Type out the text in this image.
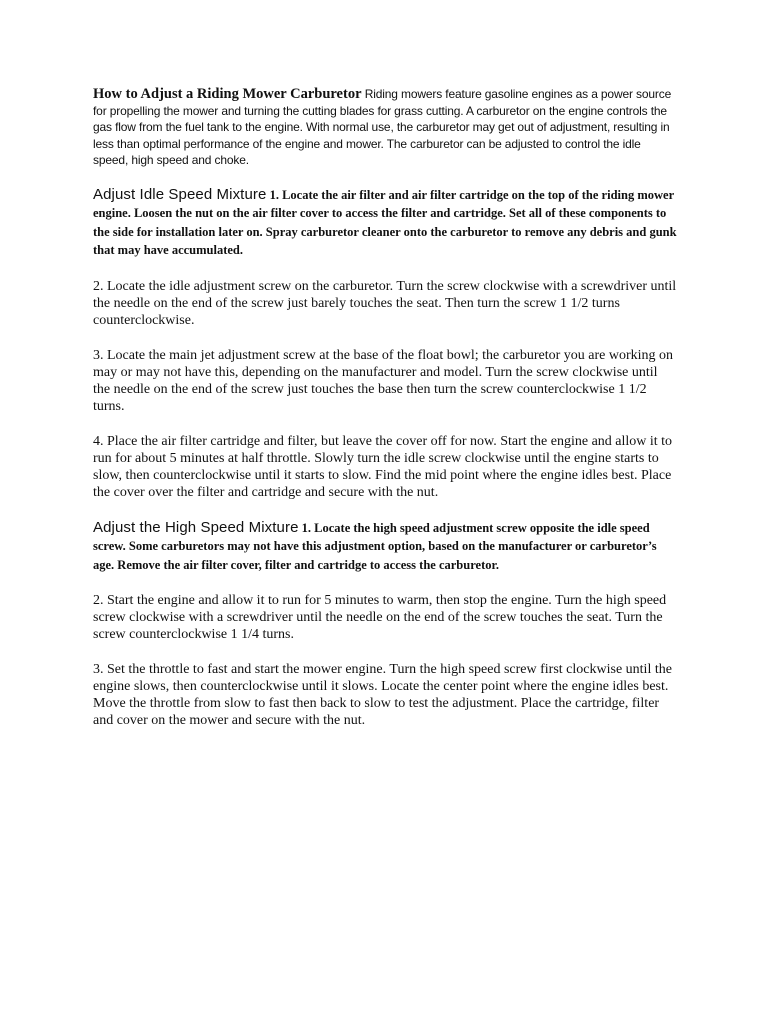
How to Adjust a Riding Mower Carburetor Riding mowers feature gasoline engines as a power source for propelling the mower and turning the cutting blades for grass cutting. A carburetor on the engine controls the gas flow from the fuel tank to the engine. With normal use, the carburetor may get out of adjustment, resulting in less than optimal performance of the engine and mower. The carburetor can be adjusted to control the idle speed, high speed and choke.

Adjust Idle Speed Mixture 1. Locate the air filter and air filter cartridge on the top of the riding mower engine. Loosen the nut on the air filter cover to access the filter and cartridge. Set all of these components to the side for installation later on. Spray carburetor cleaner onto the carburetor to remove any debris and gunk that may have accumulated.

2. Locate the idle adjustment screw on the carburetor. Turn the screw clockwise with a screwdriver until the needle on the end of the screw just barely touches the seat. Then turn the screw 1 1/2 turns counterclockwise.

3. Locate the main jet adjustment screw at the base of the float bowl; the carburetor you are working on may or may not have this, depending on the manufacturer and model. Turn the screw clockwise until the needle on the end of the screw just touches the base then turn the screw counterclockwise 1 1/2 turns.

4. Place the air filter cartridge and filter, but leave the cover off for now. Start the engine and allow it to run for about 5 minutes at half throttle. Slowly turn the idle screw clockwise until the engine starts to slow, then counterclockwise until it starts to slow. Find the mid point where the engine idles best. Place the cover over the filter and cartridge and secure with the nut.

Adjust the High Speed Mixture 1. Locate the high speed adjustment screw opposite the idle speed screw. Some carburetors may not have this adjustment option, based on the manufacturer or carburetor’s age. Remove the air filter cover, filter and cartridge to access the carburetor.

2. Start the engine and allow it to run for 5 minutes to warm, then stop the engine. Turn the high speed screw clockwise with a screwdriver until the needle on the end of the screw touches the seat. Turn the screw counterclockwise 1 1/4 turns.

3. Set the throttle to fast and start the mower engine. Turn the high speed screw first clockwise until the engine slows, then counterclockwise until it slows. Locate the center point where the engine idles best. Move the throttle from slow to fast then back to slow to test the adjustment. Place the cartridge, filter and cover on the mower and secure with the nut.
